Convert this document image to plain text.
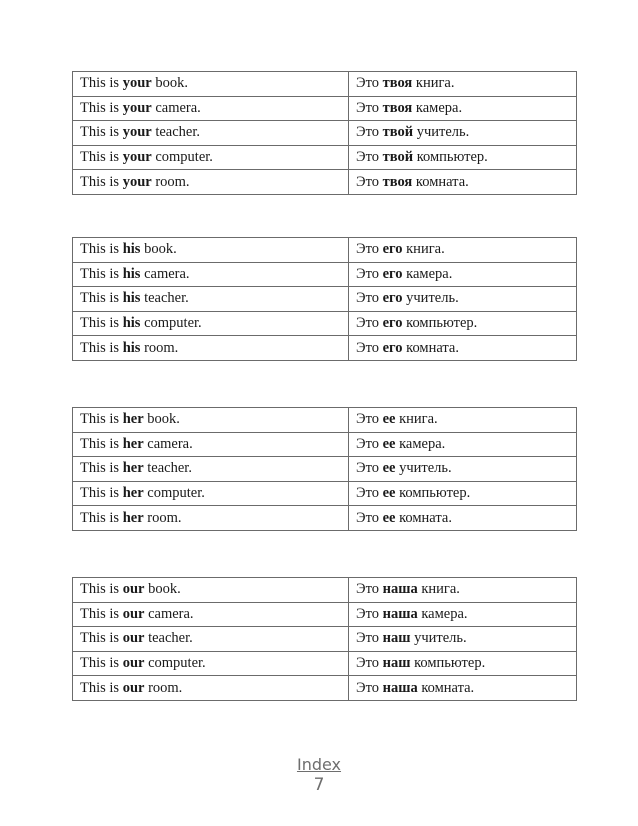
This is your book.	Это твоя книга.
This is your camera.	Это твоя камера.
This is your teacher.	Это твой учитель.
This is your computer.	Это твой компьютер.
This is your room.	Это твоя комната.
This is his book.	Это его книга.
This is his camera.	Это его камера.
This is his teacher.	Это его учитель.
This is his computer.	Это его компьютер.
This is his room.	Это его комната.
This is her book.	Это ее книга.
This is her camera.	Это ее камера.
This is her teacher.	Это ее учитель.
This is her computer.	Это ее компьютер.
This is her room.	Это ее комната.
This is our book.	Это наша книга.
This is our camera.	Это наша камера.
This is our teacher.	Это наш учитель.
This is our computer.	Это наш компьютер.
This is our room.	Это наша комната.
Index
7
